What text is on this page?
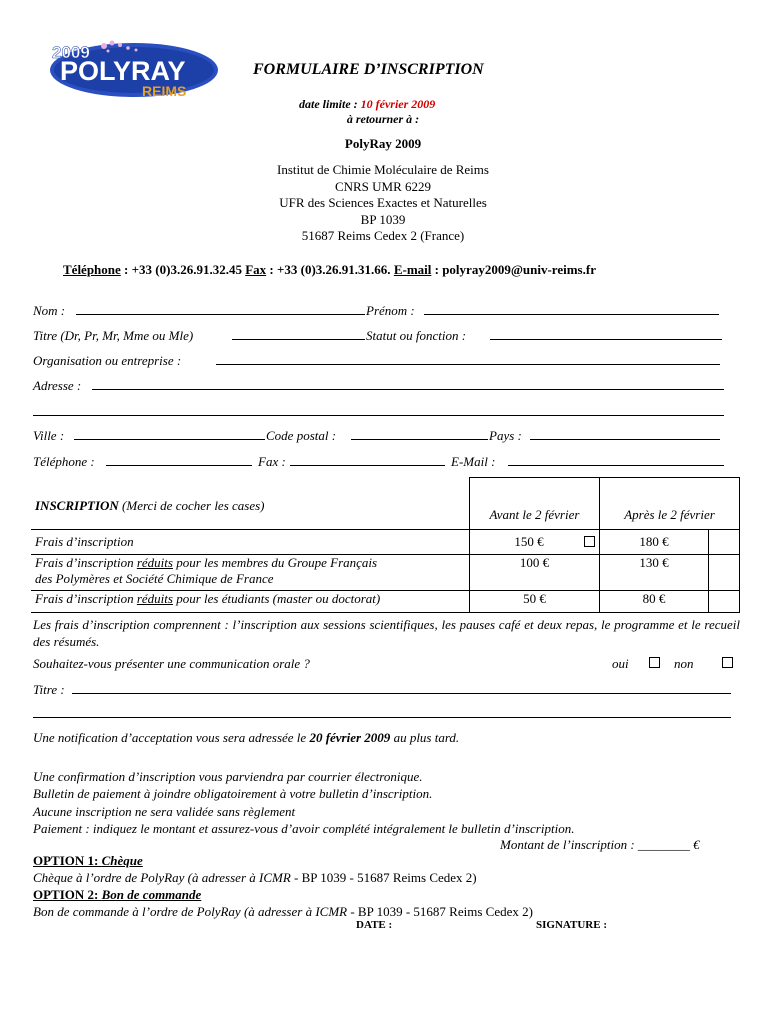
2009
POLYRAY
REIMS
FORMULAIRE D’INSCRIPTION
date limite : 10 février 2009
à retourner à :
PolyRay 2009
Institut de Chimie Moléculaire de Reims
CNRS UMR 6229
UFR des Sciences Exactes et Naturelles
BP 1039
51687 Reims Cedex 2 (France)
Téléphone : +33 (0)3.26.91.32.45 Fax : +33 (0)3.26.91.31.66. E-mail : polyray2009@univ-reims.fr
Nom :	Prénom :
Titre (Dr, Pr, Mr, Mme ou Mle)	Statut ou fonction :
Organisation ou entreprise :
Adresse :
Ville :	Code postal :	Pays :
Téléphone :	Fax :	E-Mail :
INSCRIPTION (Merci de cocher les cases)	Avant le 2 février	Après le 2 février	
Frais d’inscription	150 €	180 €	
Frais d’inscription réduits pour les membres du Groupe Français
des Polymères et Société Chimique de France	100 €	130 €	
Frais d’inscription réduits pour les étudiants (master ou doctorat)	50 €	80 €	
Les frais d’inscription comprennent : l’inscription aux sessions scientifiques, les pauses café et deux repas, le programme et le recueil des résumés.
Souhaitez-vous présenter une communication orale ?	oui	non
Titre :
Une notification d’acceptation vous sera adressée le 20 février 2009 au plus tard.
Une confirmation d’inscription vous parviendra par courrier électronique.
Bulletin de paiement à joindre obligatoirement à votre bulletin d’inscription.
Aucune inscription ne sera validée sans règlement
Paiement : indiquez le montant et assurez-vous d’avoir complété intégralement le bulletin d’inscription.
Montant de l’inscription : ________ €
OPTION 1: Chèque
Chèque à l’ordre de PolyRay (à adresser à ICMR - BP 1039 - 51687 Reims Cedex 2)
OPTION 2: Bon de commande
Bon de commande à l’ordre de PolyRay (à adresser à ICMR - BP 1039 - 51687 Reims Cedex 2)
DATE :	SIGNATURE :
